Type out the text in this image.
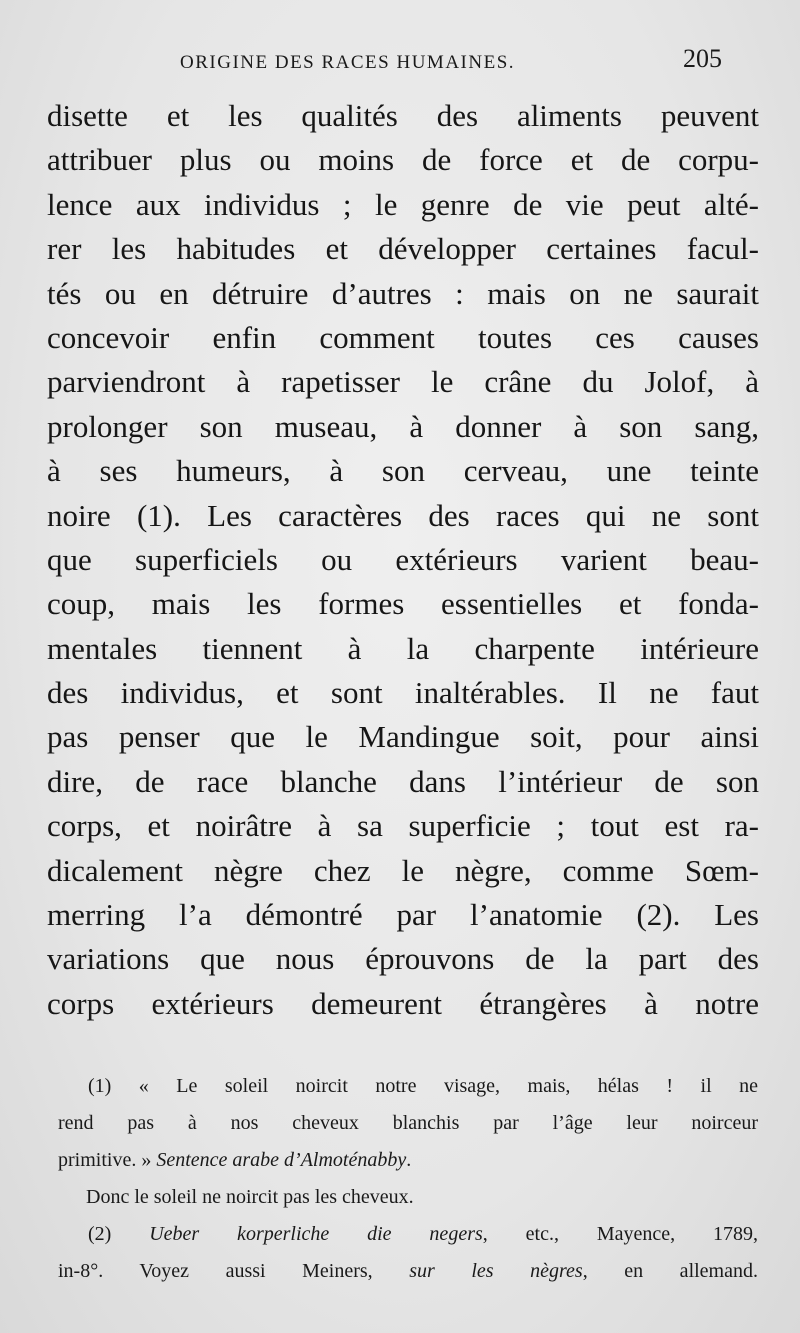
ORIGINE DES RACES HUMAINES.	205
disette et les qualités des aliments peuvent
attribuer plus ou moins de force et de corpu-
lence aux individus ; le genre de vie peut alté-
rer les habitudes et développer certaines facul-
tés ou en détruire d’autres : mais on ne saurait
concevoir enfin comment toutes ces causes
parviendront à rapetisser le crâne du Jolof, à
prolonger son museau, à donner à son sang,
à ses humeurs, à son cerveau, une teinte
noire (1). Les caractères des races qui ne sont
que superficiels ou extérieurs varient beau-
coup, mais les formes essentielles et fonda-
mentales tiennent à la charpente intérieure
des individus, et sont inaltérables. Il ne faut
pas penser que le Mandingue soit, pour ainsi
dire, de race blanche dans l’intérieur de son
corps, et noirâtre à sa superficie ; tout est ra-
dicalement nègre chez le nègre, comme Sœm-
merring l’a démontré par l’anatomie (2). Les
variations que nous éprouvons de la part des
corps extérieurs demeurent étrangères à notre
(1) « Le soleil noircit notre visage, mais, hélas ! il ne
rend pas à nos cheveux blanchis par l’âge leur noirceur
primitive. » Sentence arabe d’Almoténabby.
Donc le soleil ne noircit pas les cheveux.
(2) Ueber korperliche die negers, etc., Mayence, 1789,
in-8°. Voyez aussi Meiners, sur les nègres, en allemand.
